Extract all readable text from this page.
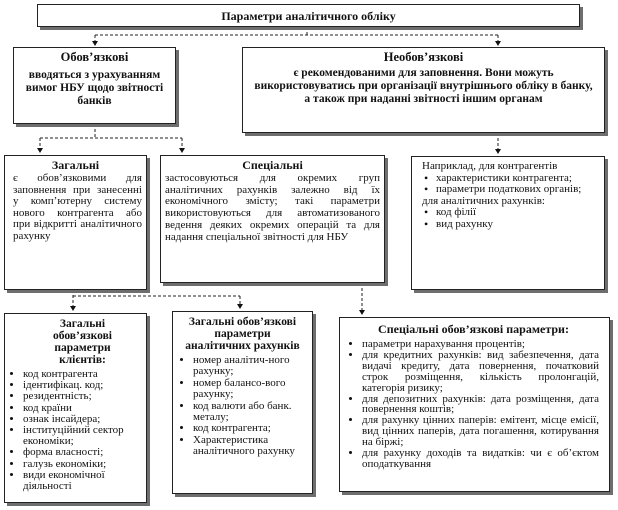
Параметри аналітичного обліку
Обов’язкові
вводяться з урахуванням вимог НБУ щодо звітності банків
Необов’язкові
є рекомендованими для заповнення. Вони можуть використовуватись при організації внутрішнього обліку в банку, а також при наданні звітності іншим органам
Загальні
є обов’язковими для заповнення при занесенні у комп’ютерну систему нового контрагента або при відкритті аналітичного рахунку
Спеціальні
застосовуються для окремих груп аналітичних рахунків залежно від їх економічного змісту; такі параметри використовуються для автоматизованого ведення деяких окремих операцій та для надання спеціальної звітності для НБУ
Наприклад, для контрагентів
• характеристики контрагента;
• параметри податкових органів;
для аналітичних рахунків:
• код філії
• вид рахунку
Загальні обов’язкові параметри клієнтів:
• код контрагента
• ідентифікац. код;
• резидентність;
• код країни
• ознак інсайдера;
• інституційний сектор економіки;
• форма власності;
• галузь економіки;
• види економічної діяльності
Загальні обов’язкові параметри аналітичних рахунків
• номер аналітич-ного рахунку;
• номер балансо-вого рахунку;
• код валюти або банк. металу;
• код контрагента;
• Характеристика аналітичного рахунку
Спеціальні обов’язкові параметри:
• параметри нарахування процентів;
• для кредитних рахунків: вид забезпечення, дата видачі кредиту, дата повернення, початковий строк розміщення, кількість пролонгацій, категорія ризику;
• для депозитних рахунків: дата розміщення, дата повернення коштів;
• для рахунку цінних паперів: емітент, місце емісії, вид цінних паперів, дата погашення, котирування на біржі;
• для рахунку доходів та видатків: чи є об’єктом оподаткування
